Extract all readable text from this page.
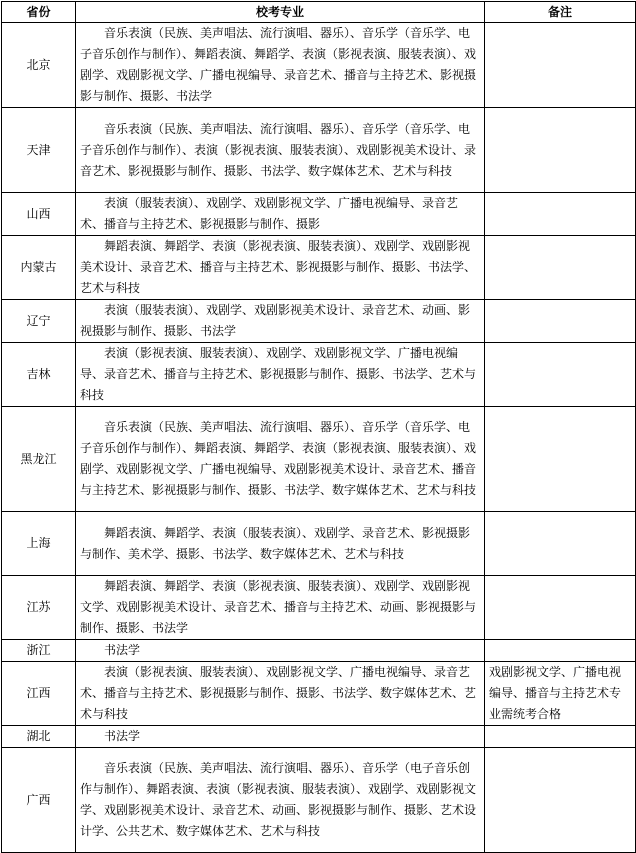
省份	校考专业	备注
北京	音乐表演（民族、美声唱法、流行演唱、器乐）、音乐学（音乐学、电子音乐创作与制作）、舞蹈表演、舞蹈学、表演（影视表演、服装表演）、戏剧学、戏剧影视文学、广播电视编导、录音艺术、播音与主持艺术、影视摄影与制作、摄影、书法学	
天津	音乐表演（民族、美声唱法、流行演唱、器乐）、音乐学（音乐学、电子音乐创作与制作）、表演（影视表演、服装表演）、戏剧影视美术设计、录音艺术、影视摄影与制作、摄影、书法学、数字媒体艺术、艺术与科技	
山西	表演（服装表演）、戏剧学、戏剧影视文学、广播电视编导、录音艺术、播音与主持艺术、影视摄影与制作、摄影	
内蒙古	舞蹈表演、舞蹈学、表演（影视表演、服装表演）、戏剧学、戏剧影视美术设计、录音艺术、播音与主持艺术、影视摄影与制作、摄影、书法学、艺术与科技	
辽宁	表演（服装表演）、戏剧学、戏剧影视美术设计、录音艺术、动画、影视摄影与制作、摄影、书法学	
吉林	表演（影视表演、服装表演）、戏剧学、戏剧影视文学、广播电视编导、录音艺术、播音与主持艺术、影视摄影与制作、摄影、书法学、艺术与科技	
黑龙江	音乐表演（民族、美声唱法、流行演唱、器乐）、音乐学（音乐学、电子音乐创作与制作）、舞蹈表演、舞蹈学、表演（影视表演、服装表演）、戏剧学、戏剧影视文学、广播电视编导、戏剧影视美术设计、录音艺术、播音与主持艺术、影视摄影与制作、摄影、书法学、数字媒体艺术、艺术与科技	
上海	舞蹈表演、舞蹈学、表演（服装表演）、戏剧学、录音艺术、影视摄影与制作、美术学、摄影、书法学、数字媒体艺术、艺术与科技	
江苏	舞蹈表演、舞蹈学、表演（影视表演、服装表演）、戏剧学、戏剧影视文学、戏剧影视美术设计、录音艺术、播音与主持艺术、动画、影视摄影与制作、摄影、书法学	
浙江	书法学	
江西	表演（影视表演、服装表演）、戏剧影视文学、广播电视编导、录音艺术、播音与主持艺术、影视摄影与制作、摄影、书法学、数字媒体艺术、艺术与科技	戏剧影视文学、广播电视编导、播音与主持艺术专业需统考合格
湖北	书法学	
广西	音乐表演（民族、美声唱法、流行演唱、器乐）、音乐学（电子音乐创作与制作）、舞蹈表演、表演（影视表演、服装表演）、戏剧学、戏剧影视文学、戏剧影视美术设计、录音艺术、动画、影视摄影与制作、摄影、艺术设计学、公共艺术、数字媒体艺术、艺术与科技	
